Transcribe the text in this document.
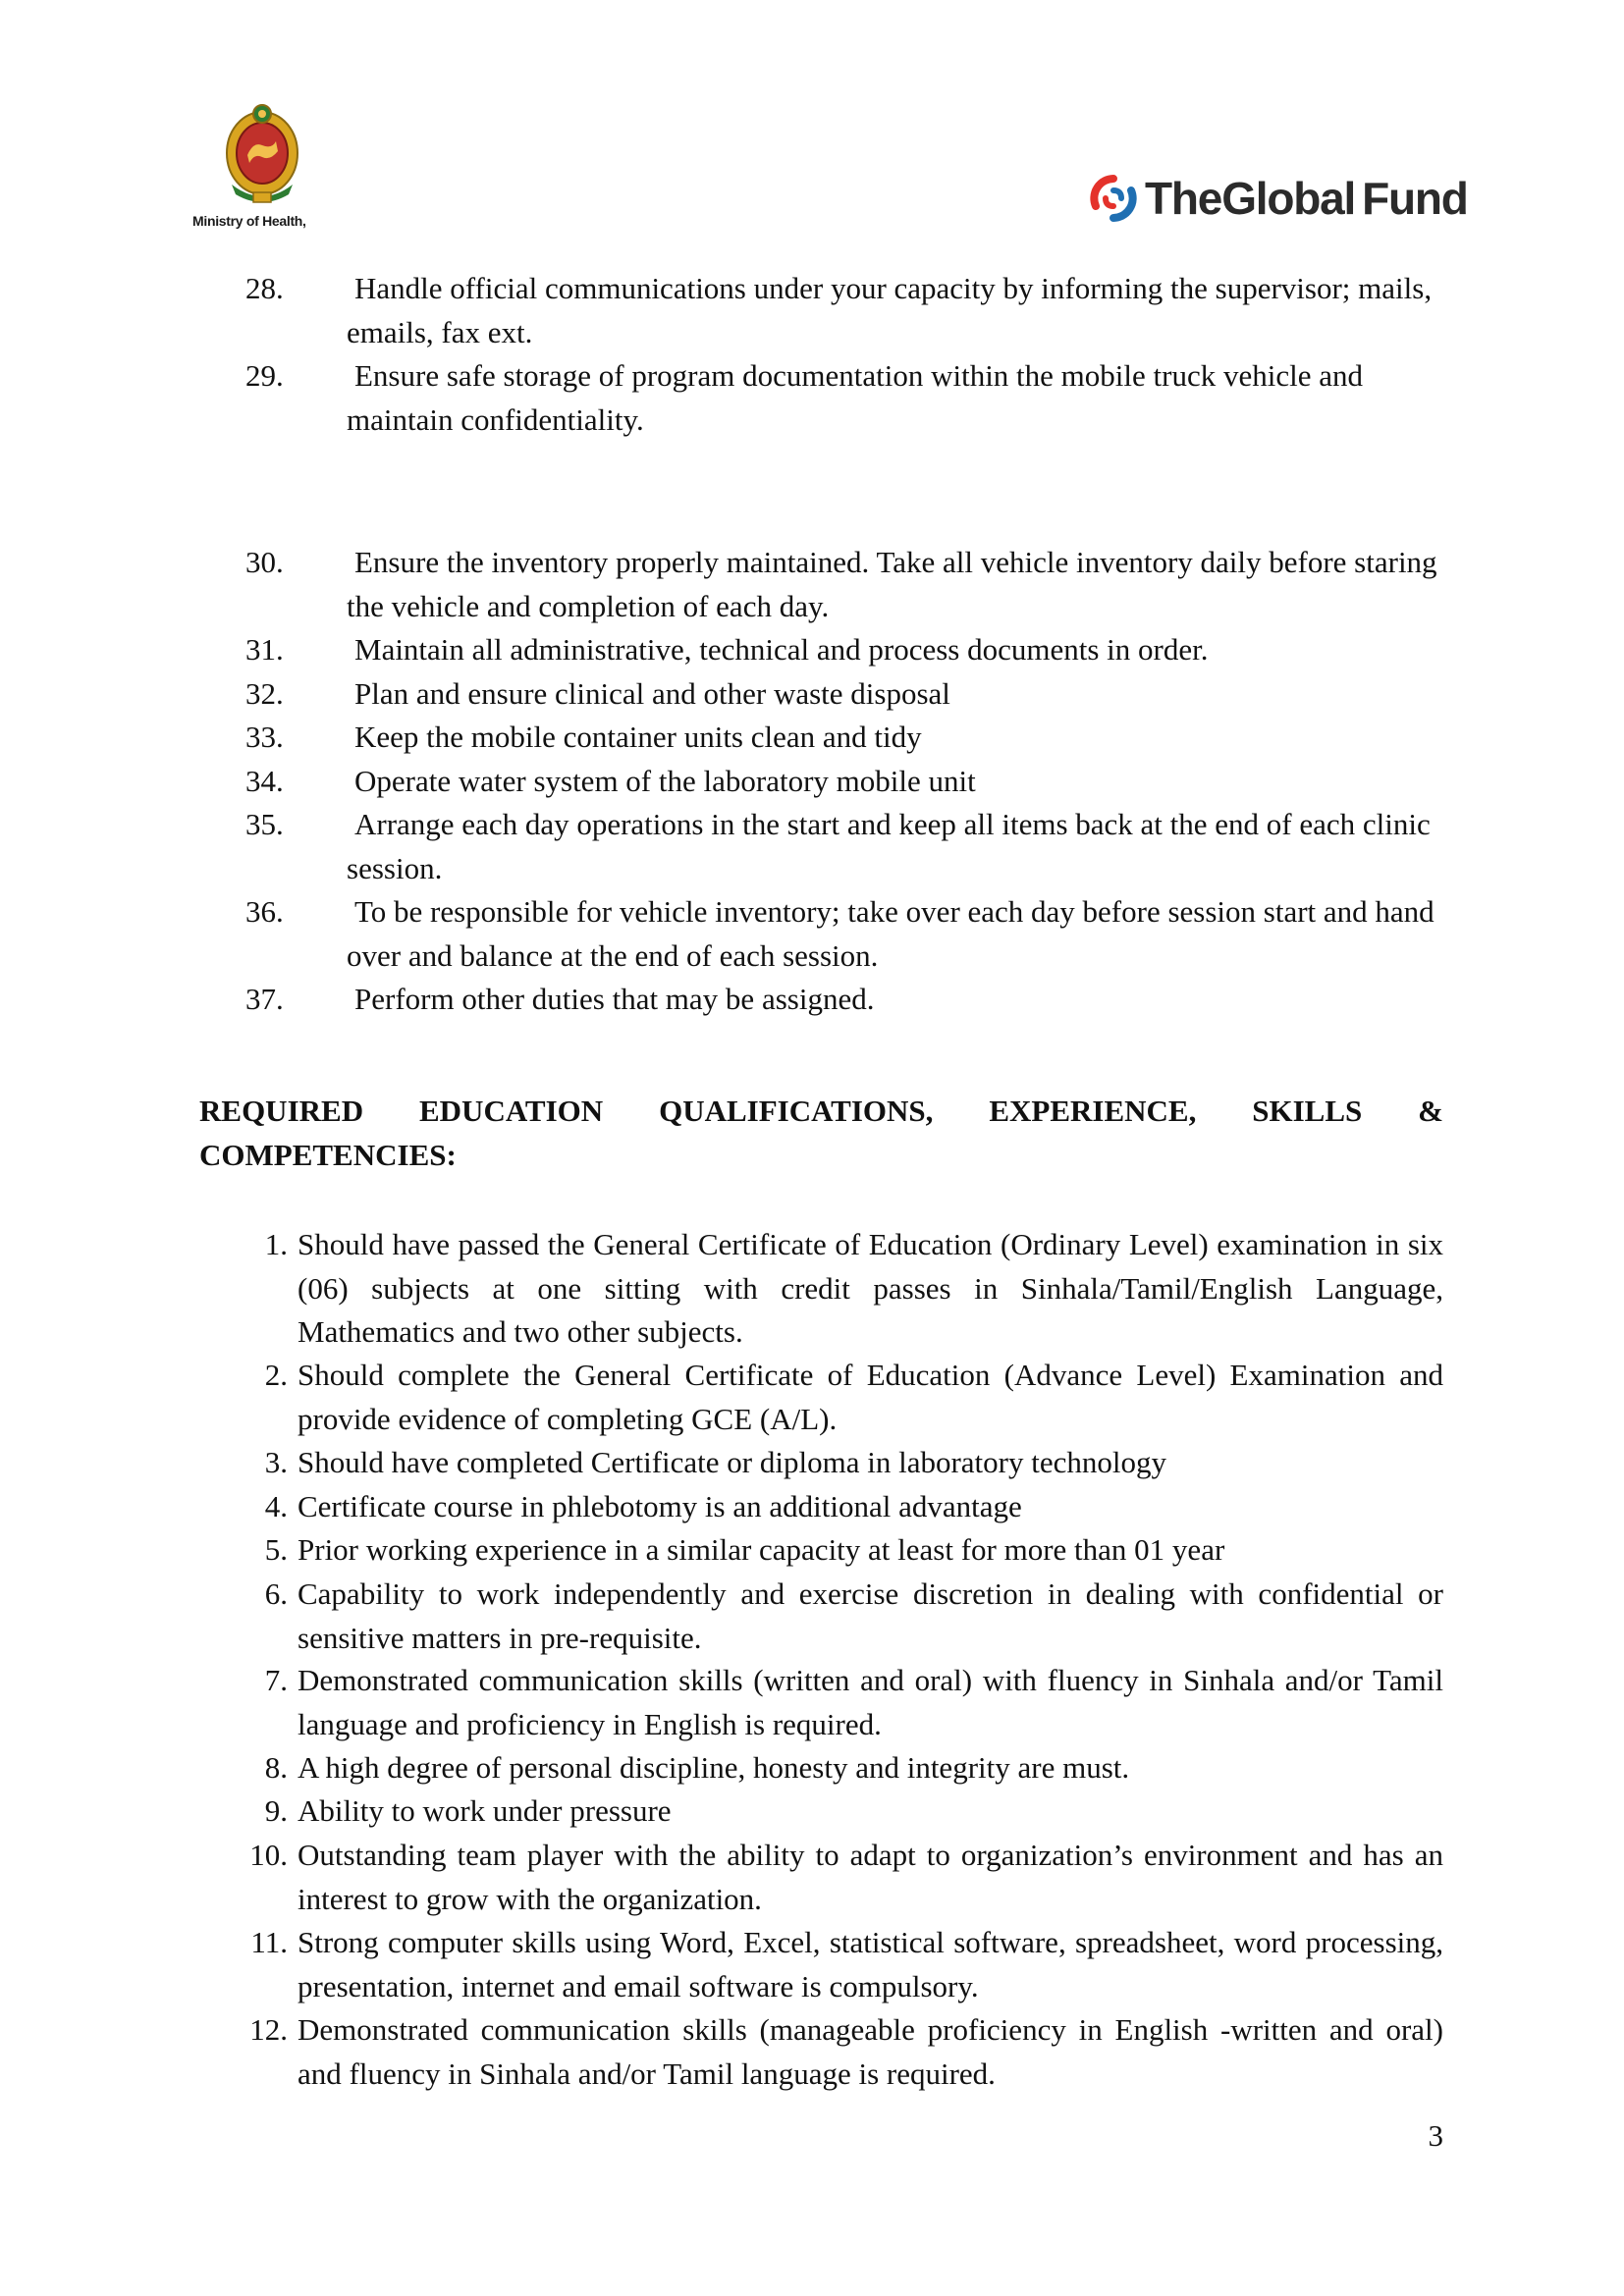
Ministry of Health,	TheGlobal Fund
28.	Handle official communications under your capacity by informing the supervisor; mails, emails, fax ext.
29.	Ensure safe storage of program documentation within the mobile truck vehicle and maintain confidentiality.
30.	Ensure the inventory properly maintained. Take all vehicle inventory daily before staring the vehicle and completion of each day.
31.	Maintain all administrative, technical and process documents in order.
32.	Plan and ensure clinical and other waste disposal
33.	Keep the mobile container units clean and tidy
34.	Operate water system of the laboratory mobile unit
35.	Arrange each day operations in the start and keep all items back at the end of each clinic session.
36.	To be responsible for vehicle inventory; take over each day before session start and hand over and balance at the end of each session.
37.	Perform other duties that may be assigned.
REQUIRED EDUCATION QUALIFICATIONS, EXPERIENCE, SKILLS & COMPETENCIES:
1. Should have passed the General Certificate of Education (Ordinary Level) examination in six (06) subjects at one sitting with credit passes in Sinhala/Tamil/English Language, Mathematics and two other subjects.
2. Should complete the General Certificate of Education (Advance Level) Examination and provide evidence of completing GCE (A/L).
3. Should have completed Certificate or diploma in laboratory technology
4. Certificate course in phlebotomy is an additional advantage
5. Prior working experience in a similar capacity at least for more than 01 year
6. Capability to work independently and exercise discretion in dealing with confidential or sensitive matters in pre-requisite.
7. Demonstrated communication skills (written and oral) with fluency in Sinhala and/or Tamil language and proficiency in English is required.
8. A high degree of personal discipline, honesty and integrity are must.
9. Ability to work under pressure
10. Outstanding team player with the ability to adapt to organization’s environment and has an interest to grow with the organization.
11. Strong computer skills using Word, Excel, statistical software, spreadsheet, word processing, presentation, internet and email software is compulsory.
12. Demonstrated communication skills (manageable proficiency in English -written and oral) and fluency in Sinhala and/or Tamil language is required.
3
